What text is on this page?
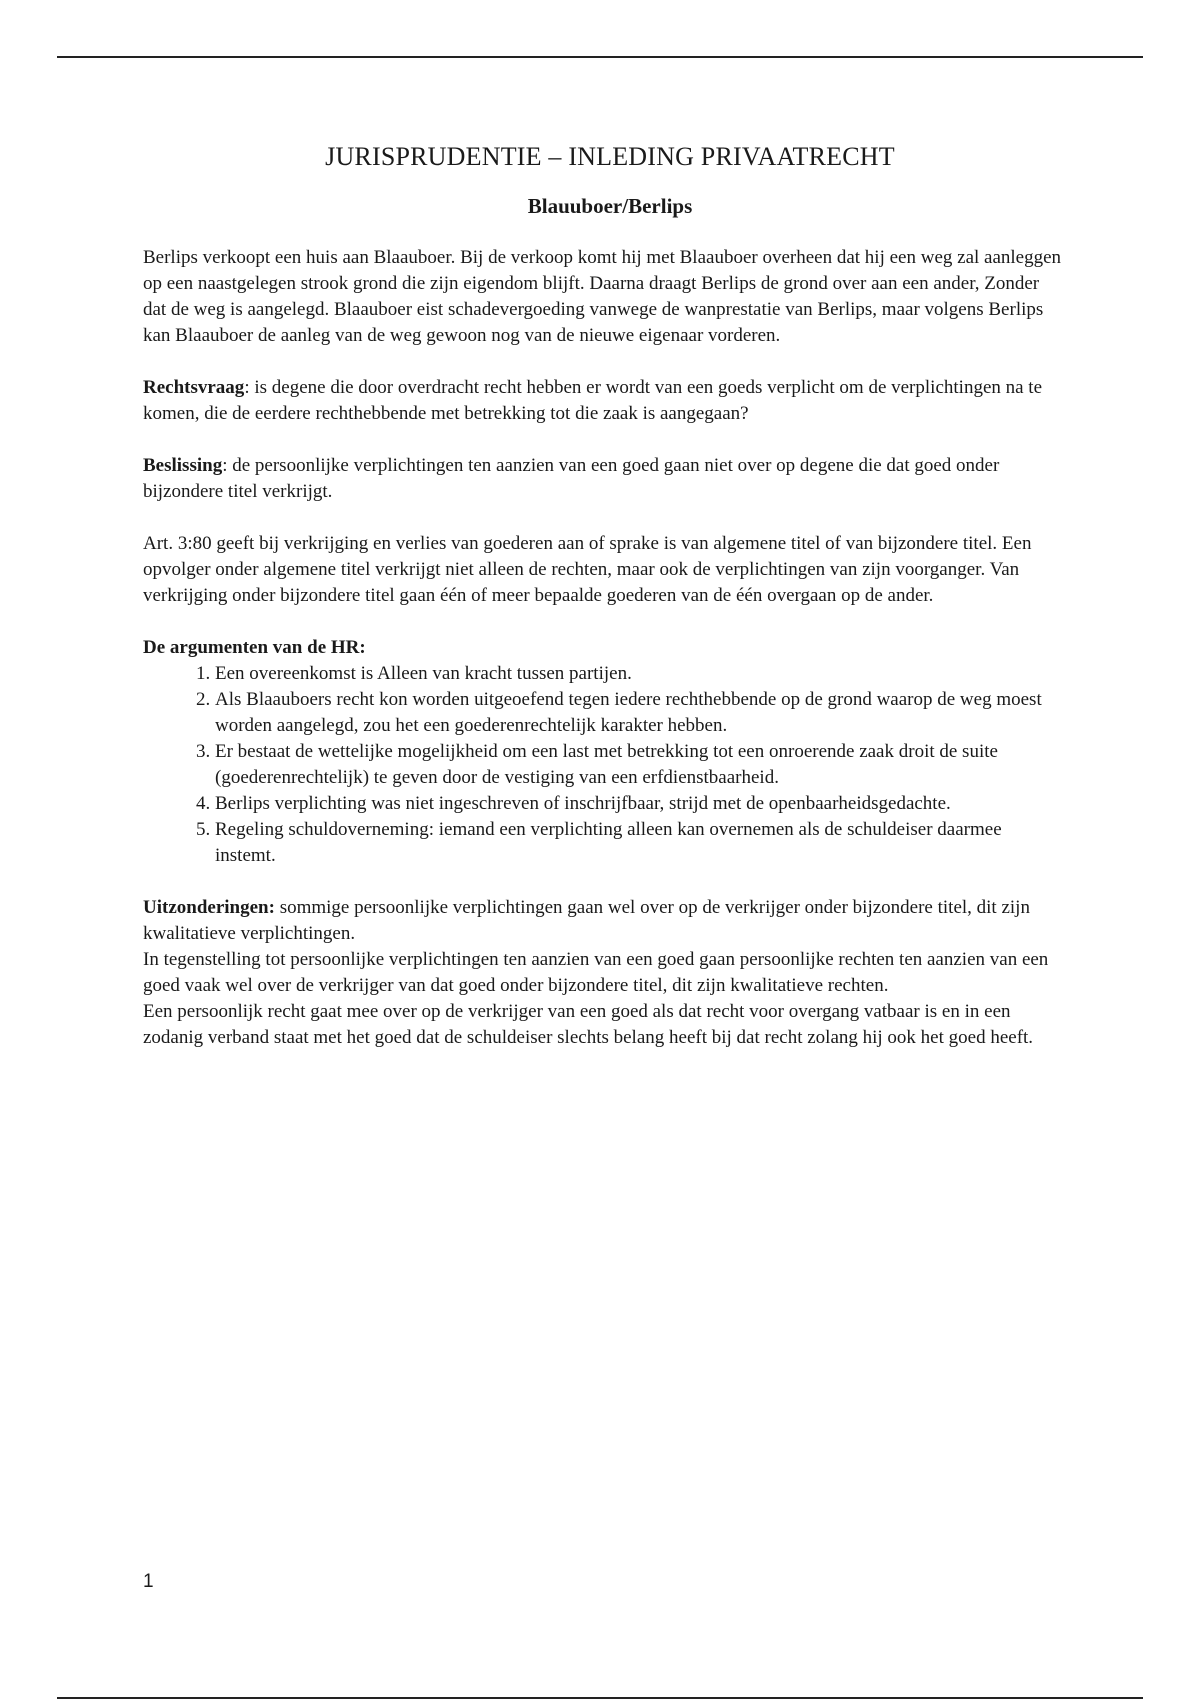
JURISPRUDENTIE – INLEDING PRIVAATRECHT
Blauuboer/Berlips

Berlips verkoopt een huis aan Blaauboer. Bij de verkoop komt hij met Blaauboer overheen dat hij een weg zal aanleggen op een naastgelegen strook grond die zijn eigendom blijft. Daarna draagt Berlips de grond over aan een ander, Zonder dat de weg is aangelegd. Blaauboer eist schadevergoeding vanwege de wanprestatie van Berlips, maar volgens Berlips kan Blaauboer de aanleg van de weg gewoon nog van de nieuwe eigenaar vorderen.

Rechtsvraag: is degene die door overdracht recht hebben er wordt van een goeds verplicht om de verplichtingen na te komen, die de eerdere rechthebbende met betrekking tot die zaak is aangegaan?

Beslissing: de persoonlijke verplichtingen ten aanzien van een goed gaan niet over op degene die dat goed onder bijzondere titel verkrijgt.

Art. 3:80 geeft bij verkrijging en verlies van goederen aan of sprake is van algemene titel of van bijzondere titel. Een opvolger onder algemene titel verkrijgt niet alleen de rechten, maar ook de verplichtingen van zijn voorganger. Van verkrijging onder bijzondere titel gaan één of meer bepaalde goederen van de één overgaan op de ander.

De argumenten van de HR:

1. Een overeenkomst is Alleen van kracht tussen partijen.
2. Als Blaauboers recht kon worden uitgeoefend tegen iedere rechthebbende op de grond waarop de weg moest worden aangelegd, zou het een goederenrechtelijk karakter hebben.
3. Er bestaat de wettelijke mogelijkheid om een last met betrekking tot een onroerende zaak droit de suite (goederenrechtelijk) te geven door de vestiging van een erfdienstbaarheid.
4. Berlips verplichting was niet ingeschreven of inschrijfbaar, strijd met de openbaarheidsgedachte.
5. Regeling schuldoverneming: iemand een verplichting alleen kan overnemen als de schuldeiser daarmee instemt.

Uitzonderingen: sommige persoonlijke verplichtingen gaan wel over op de verkrijger onder bijzondere titel, dit zijn kwalitatieve verplichtingen.

In tegenstelling tot persoonlijke verplichtingen ten aanzien van een goed gaan persoonlijke rechten ten aanzien van een goed vaak wel over de verkrijger van dat goed onder bijzondere titel, dit zijn kwalitatieve rechten.

Een persoonlijk recht gaat mee over op de verkrijger van een goed als dat recht voor overgang vatbaar is en in een zodanig verband staat met het goed dat de schuldeiser slechts belang heeft bij dat recht zolang hij ook het goed heeft.

1
